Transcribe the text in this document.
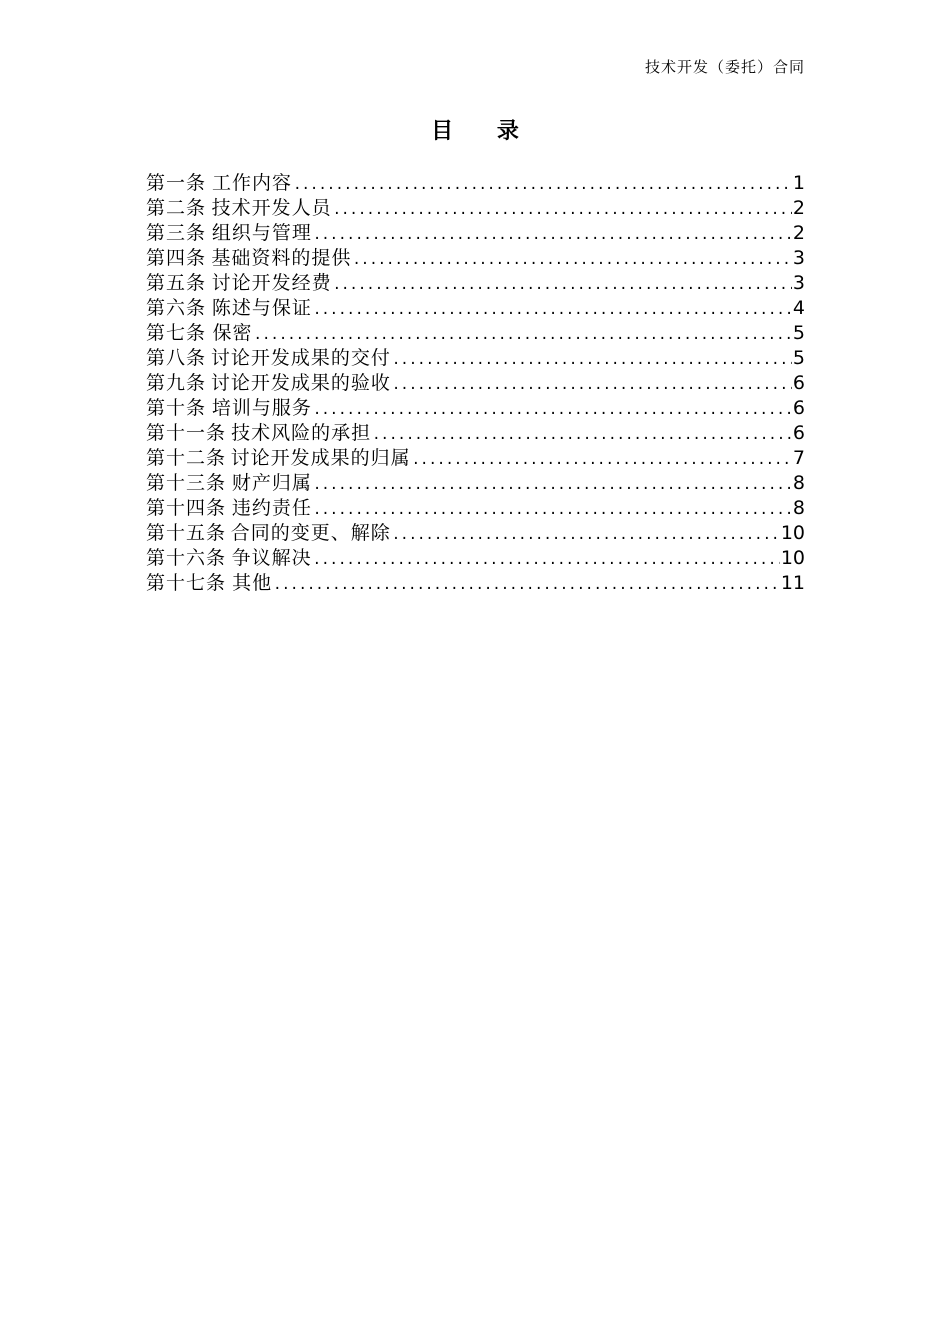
技术开发（委托）合同
目 录
第一条 工作内容 .....	1
第二条 技术开发人员 .....	2
第三条 组织与管理 .....	2
第四条 基础资料的提供 .....	3
第五条 讨论开发经费 .....	3
第六条 陈述与保证 .....	4
第七条 保密 .....	5
第八条 讨论开发成果的交付 .....	5
第九条 讨论开发成果的验收 .....	6
第十条 培训与服务 .....	6
第十一条 技术风险的承担 .....	6
第十二条 讨论开发成果的归属 .....	7
第十三条 财产归属 .....	8
第十四条 违约责任 .....	8
第十五条 合同的变更、解除 .....	10
第十六条 争议解决 .....	10
第十七条 其他 .....	11
